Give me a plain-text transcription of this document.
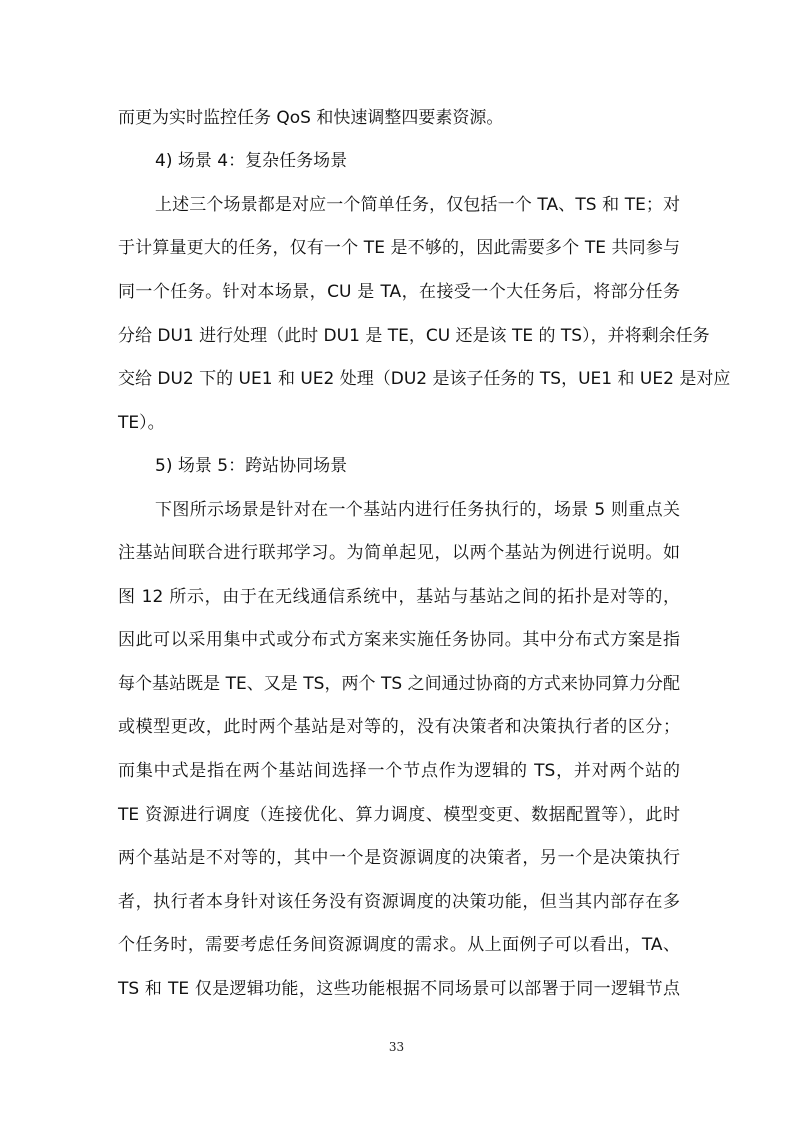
而更为实时监控任务 QoS 和快速调整四要素资源。
4) 场景 4：复杂任务场景
上述三个场景都是对应一个简单任务，仅包括一个 TA、TS 和 TE；对
于计算量更大的任务，仅有一个 TE 是不够的，因此需要多个 TE 共同参与
同一个任务。针对本场景，CU 是 TA，在接受一个大任务后，将部分任务
分给 DU1 进行处理（此时 DU1 是 TE，CU 还是该 TE 的 TS），并将剩余任务
交给 DU2 下的 UE1 和 UE2 处理（DU2 是该子任务的 TS，UE1 和 UE2 是对应
TE）。
5) 场景 5：跨站协同场景
下图所示场景是针对在一个基站内进行任务执行的，场景 5 则重点关
注基站间联合进行联邦学习。为简单起见，以两个基站为例进行说明。如
图 12 所示，由于在无线通信系统中，基站与基站之间的拓扑是对等的，
因此可以采用集中式或分布式方案来实施任务协同。其中分布式方案是指
每个基站既是 TE、又是 TS，两个 TS 之间通过协商的方式来协同算力分配
或模型更改，此时两个基站是对等的，没有决策者和决策执行者的区分；
而集中式是指在两个基站间选择一个节点作为逻辑的 TS，并对两个站的
TE 资源进行调度（连接优化、算力调度、模型变更、数据配置等），此时
两个基站是不对等的，其中一个是资源调度的决策者，另一个是决策执行
者，执行者本身针对该任务没有资源调度的决策功能，但当其内部存在多
个任务时，需要考虑任务间资源调度的需求。从上面例子可以看出，TA、
TS 和 TE 仅是逻辑功能，这些功能根据不同场景可以部署于同一逻辑节点
33
